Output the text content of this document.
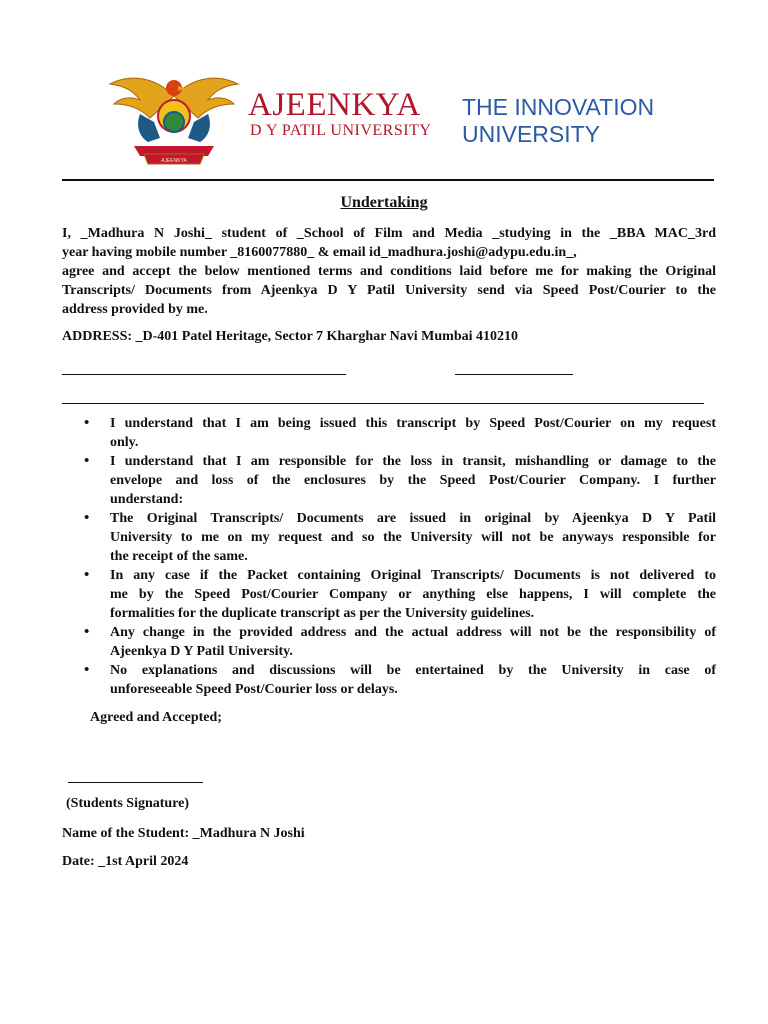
AJEENKYA
AJEENKYA
D Y PATIL UNIVERSITY
THE INNOVATION
UNIVERSITY
Undertaking
I, _Madhura N Joshi_ student of _School of Film and Media _studying in the _BBA MAC_3rd
year having mobile number _8160077880_ & email id_madhura.joshi@adypu.edu.in_,
agree and accept the below mentioned terms and conditions laid before me for making the Original
Transcripts/ Documents from Ajeenkya D Y Patil University send via Speed Post/Courier to the
address provided by me.
ADDRESS: _D-401 Patel Heritage, Sector 7 Kharghar Navi Mumbai 410210
• I understand that I am being issued this transcript by Speed Post/Courier on my request
only.
• I understand that I am responsible for the loss in transit, mishandling or damage to the
envelope and loss of the enclosures by the Speed Post/Courier Company. I further
understand:
• The Original Transcripts/ Documents are issued in original by Ajeenkya D Y Patil
University to me on my request and so the University will not be anyways responsible for
the receipt of the same.
• In any case if the Packet containing Original Transcripts/ Documents is not delivered to
me by the Speed Post/Courier Company or anything else happens, I will complete the
formalities for the duplicate transcript as per the University guidelines.
• Any change in the provided address and the actual address will not be the responsibility of
Ajeenkya D Y Patil University.
• No explanations and discussions will be entertained by the University in case of
unforeseeable Speed Post/Courier loss or delays.
Agreed and Accepted;
(Students Signature)
Name of the Student: _Madhura N Joshi
Date: _1st April 2024
